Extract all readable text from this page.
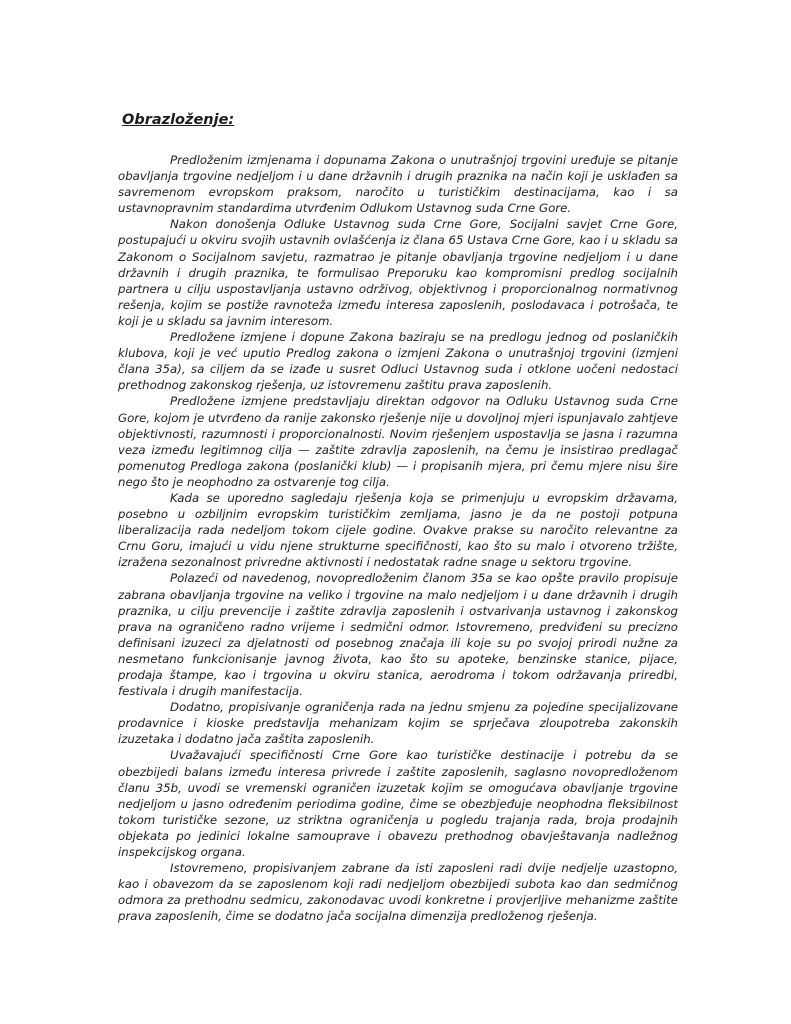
Obrazloženje:

Predloženim izmjenama i dopunama Zakona o unutrašnjoj trgovini uređuje se pitanje obavljanja trgovine nedjeljom i u dane državnih i drugih praznika na način koji je usklađen sa savremenom evropskom praksom, naročito u turističkim destinacijama, kao i sa ustavnopravnim standardima utvrđenim Odlukom Ustavnog suda Crne Gore.

Nakon donošenja Odluke Ustavnog suda Crne Gore, Socijalni savjet Crne Gore, postupajući u okviru svojih ustavnih ovlašćenja iz člana 65 Ustava Crne Gore, kao i u skladu sa Zakonom o Socijalnom savjetu, razmatrao je pitanje obavljanja trgovine nedjeljom i u dane državnih i drugih praznika, te formulisao Preporuku kao kompromisni predlog socijalnih partnera u cilju uspostavljanja ustavno održivog, objektivnog i proporcionalnog normativnog rešenja, kojim se postiže ravnoteža između interesa zaposlenih, poslodavaca i potrošača, te koji je u skladu sa javnim interesom.

Predložene izmjene i dopune Zakona baziraju se na predlogu jednog od poslaničkih klubova, koji je već uputio Predlog zakona o izmjeni Zakona o unutrašnjoj trgovini (izmjeni člana 35a), sa ciljem da se izađe u susret Odluci Ustavnog suda i otklone uočeni nedostaci prethodnog zakonskog rješenja, uz istovremenu zaštitu prava zaposlenih.

Predložene izmjene predstavljaju direktan odgovor na Odluku Ustavnog suda Crne Gore, kojom je utvrđeno da ranije zakonsko rješenje nije u dovoljnoj mjeri ispunjavalo zahtjeve objektivnosti, razumnosti i proporcionalnosti. Novim rješenjem uspostavlja se jasna i razumna veza između legitimnog cilja — zaštite zdravlja zaposlenih, na čemu je insistirao predlagač pomenutog Predloga zakona (poslanički klub) — i propisanih mjera, pri čemu mjere nisu šire nego što je neophodno za ostvarenje tog cilja.

Kada se uporedno sagledaju rješenja koja se primenjuju u evropskim državama, posebno u ozbiljnim evropskim turističkim zemljama, jasno je da ne postoji potpuna liberalizacija rada nedeljom tokom cijele godine. Ovakve prakse su naročito relevantne za Crnu Goru, imajući u vidu njene strukturne specifičnosti, kao što su malo i otvoreno tržište, izražena sezonalnost privredne aktivnosti i nedostatak radne snage u sektoru trgovine.

Polazeći od navedenog, novopredloženim članom 35a se kao opšte pravilo propisuje zabrana obavljanja trgovine na veliko i trgovine na malo nedjeljom i u dane državnih i drugih praznika, u cilju prevencije i zaštite zdravlja zaposlenih i ostvarivanja ustavnog i zakonskog prava na ograničeno radno vrijeme i sedmični odmor. Istovremeno, predviđeni su precizno definisani izuzeci za djelatnosti od posebnog značaja ili koje su po svojoj prirodi nužne za nesmetano funkcionisanje javnog života, kao što su apoteke, benzinske stanice, pijace, prodaja štampe, kao i trgovina u okviru stanica, aerodroma i tokom održavanja priredbi, festivala i drugih manifestacija.

Dodatno, propisivanje ograničenja rada na jednu smjenu za pojedine specijalizovane prodavnice i kioske predstavlja mehanizam kojim se sprječava zloupotreba zakonskih izuzetaka i dodatno jača zaštita zaposlenih.

Uvažavajući specifičnosti Crne Gore kao turističke destinacije i potrebu da se obezbijedi balans između interesa privrede i zaštite zaposlenih, saglasno novopredloženom članu 35b, uvodi se vremenski ograničen izuzetak kojim se omogućava obavljanje trgovine nedjeljom u jasno određenim periodima godine, čime se obezbjeđuje neophodna fleksibilnost tokom turističke sezone, uz striktna ograničenja u pogledu trajanja rada, broja prodajnih objekata po jedinici lokalne samouprave i obavezu prethodnog obavještavanja nadležnog inspekcijskog organa.

Istovremeno, propisivanjem zabrane da isti zaposleni radi dvije nedjelje uzastopno, kao i obavezom da se zaposlenom koji radi nedjeljom obezbijedi subota kao dan sedmičnog odmora za prethodnu sedmicu, zakonodavac uvodi konkretne i provjerljive mehanizme zaštite prava zaposlenih, čime se dodatno jača socijalna dimenzija predloženog rješenja.
